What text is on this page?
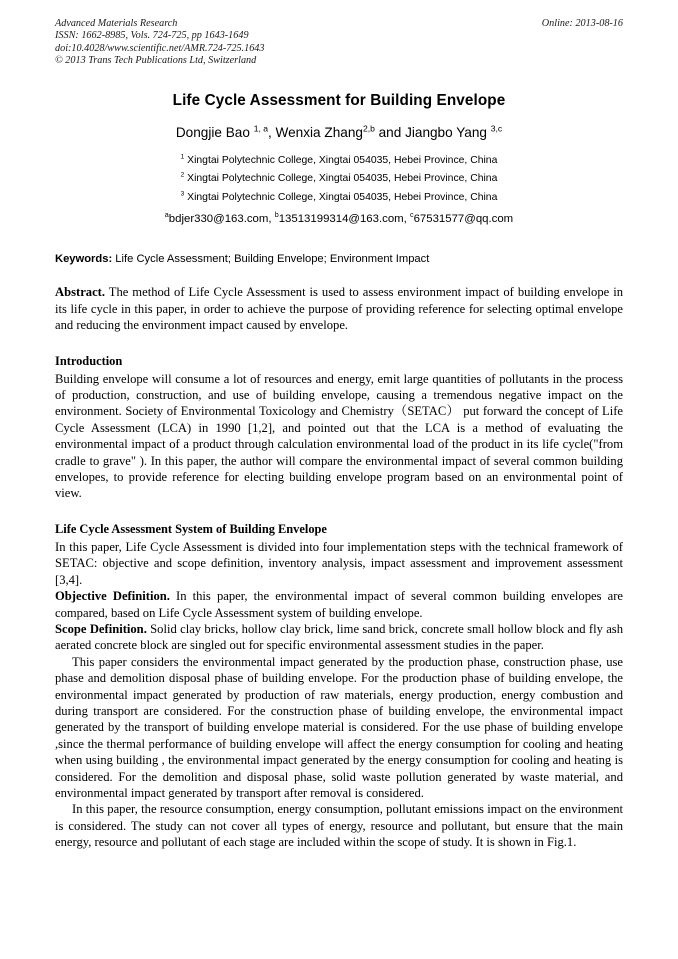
Advanced Materials Research	Online: 2013-08-16
ISSN: 1662-8985, Vols. 724-725, pp 1643-1649
doi:10.4028/www.scientific.net/AMR.724-725.1643
© 2013 Trans Tech Publications Ltd, Switzerland
Life Cycle Assessment for Building Envelope
Dongjie Bao $^{1, a}$, Wenxia Zhang$^{2,b}$ and Jiangbo Yang $^{3,c}$
$^1$ Xingtai Polytechnic College, Xingtai 054035, Hebei Province, China
$^2$ Xingtai Polytechnic College, Xingtai 054035, Hebei Province, China
$^3$ Xingtai Polytechnic College, Xingtai 054035, Hebei Province, China
$^a$bdjer330@163.com, $^b$13513199314@163.com, $^c$67531577@qq.com
Keywords: Life Cycle Assessment; Building Envelope; Environment Impact
Abstract. The method of Life Cycle Assessment is used to assess environment impact of building envelope in its life cycle in this paper, in order to achieve the purpose of providing reference for selecting optimal envelope and reducing the environment impact caused by envelope.
Introduction

Building envelope will consume a lot of resources and energy, emit large quantities of pollutants in the process of production, construction, and use of building envelope, causing a tremendous negative impact on the environment. Society of Environmental Toxicology and Chemistry（SETAC） put forward the concept of Life Cycle Assessment (LCA) in 1990 [1,2], and pointed out that the LCA is a method of evaluating the environmental impact of a product through calculation environmental load of the product in its life cycle("from cradle to grave" ). In this paper, the author will compare the environmental impact of several common building envelopes, to provide reference for electing building envelope program based on an environmental point of view.

Life Cycle Assessment System of Building Envelope

In this paper, Life Cycle Assessment is divided into four implementation steps with the technical framework of SETAC: objective and scope definition, inventory analysis, impact assessment and improvement assessment [3,4].

Objective Definition. In this paper, the environmental impact of several common building envelopes are compared, based on Life Cycle Assessment system of building envelope.

Scope Definition. Solid clay bricks, hollow clay brick, lime sand brick, concrete small hollow block and fly ash aerated concrete block are singled out for specific environmental assessment studies in the paper.

This paper considers the environmental impact generated by the production phase, construction phase, use phase and demolition disposal phase of building envelope. For the production phase of building envelope, the environmental impact generated by production of raw materials, energy production, energy combustion and during transport are considered. For the construction phase of building envelope, the environmental impact generated by the transport of building envelope material is considered. For the use phase of building envelope ,since the thermal performance of building envelope will affect the energy consumption for cooling and heating when using building , the environmental impact generated by the energy consumption for cooling and heating is considered. For the demolition and disposal phase, solid waste pollution generated by waste material, and environmental impact generated by transport after removal is considered.

In this paper, the resource consumption, energy consumption, pollutant emissions impact on the environment is considered. The study can not cover all types of energy, resource and pollutant, but ensure that the main energy, resource and pollutant of each stage are included within the scope of study. It is shown in Fig.1.
